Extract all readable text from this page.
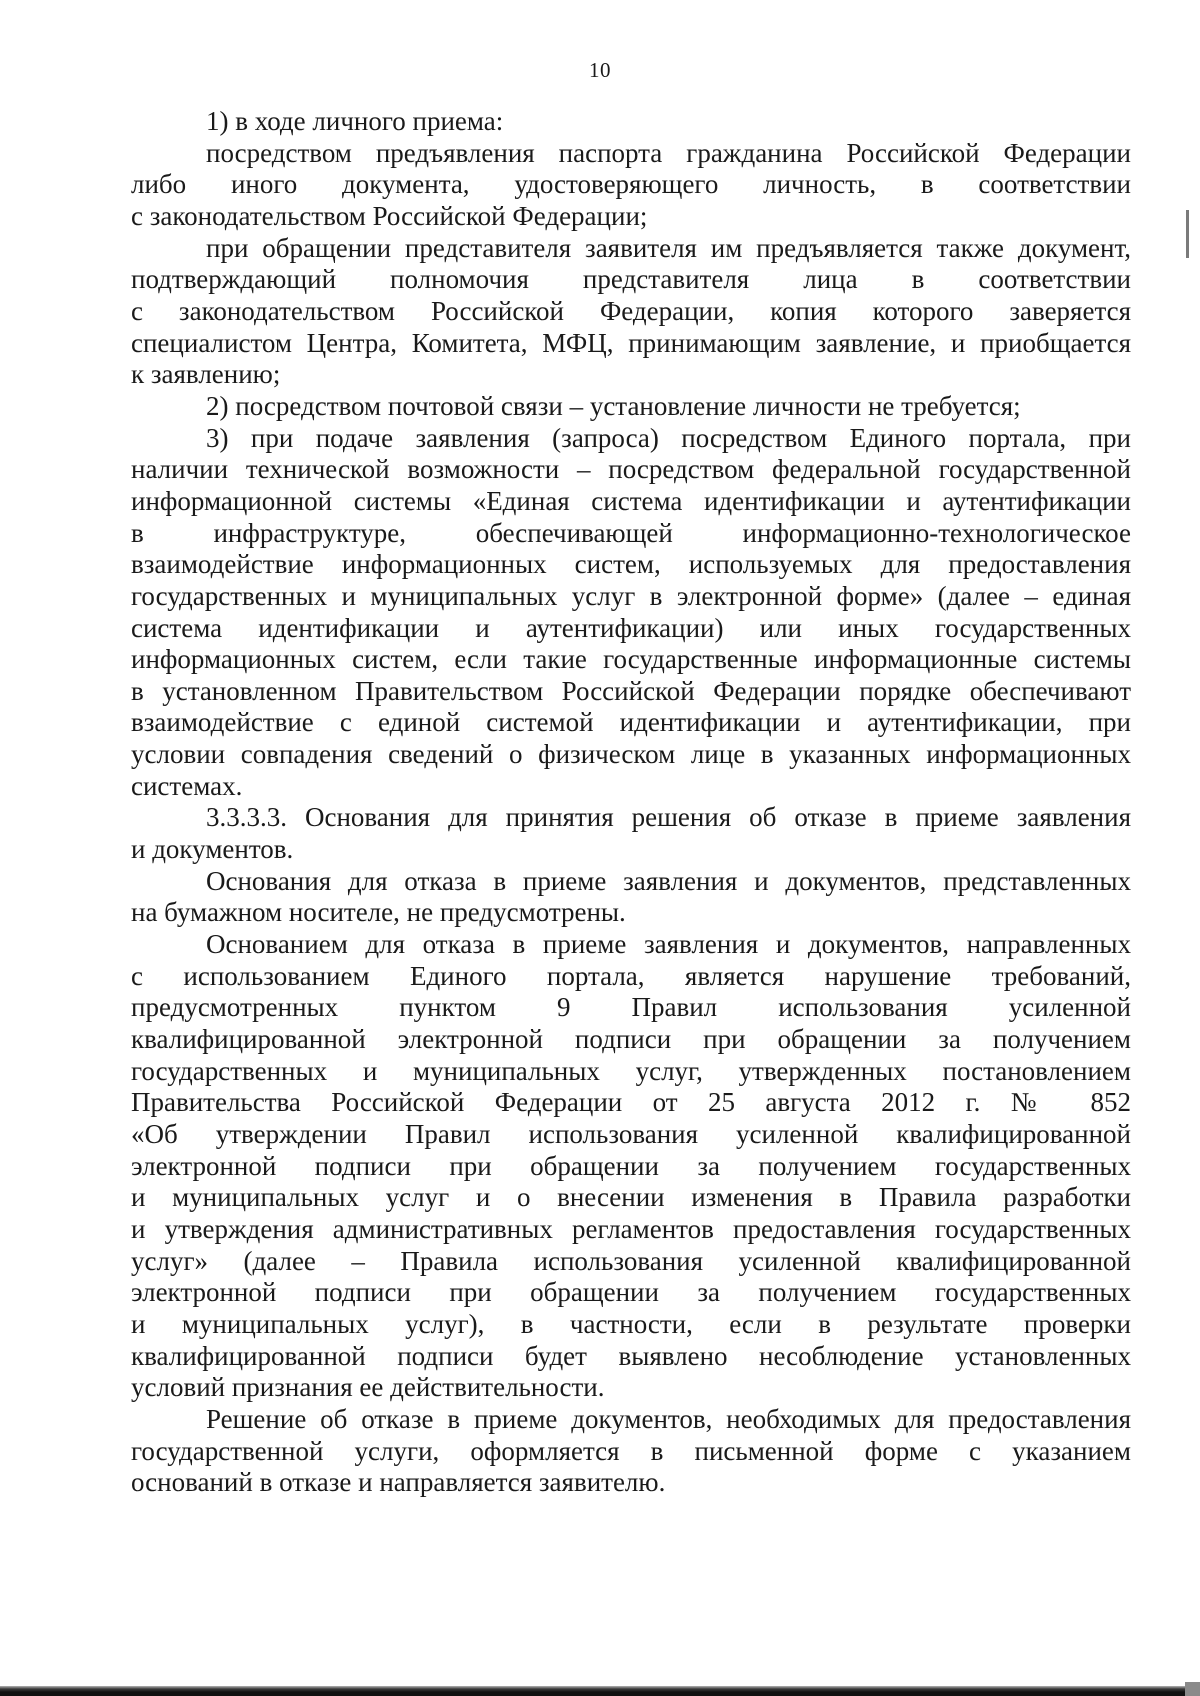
10
1) в ходе личного приема:
посредством предъявления паспорта гражданина Российской Федерации
либо иного документа, удостоверяющего личность, в соответствии
с законодательством Российской Федерации;
при обращении представителя заявителя им предъявляется также документ,
подтверждающий полномочия представителя лица в соответствии
с законодательством Российской Федерации, копия которого заверяется
специалистом Центра, Комитета, МФЦ, принимающим заявление, и приобщается
к заявлению;
2) посредством почтовой связи – установление личности не требуется;
3) при подаче заявления (запроса) посредством Единого портала, при
наличии технической возможности – посредством федеральной государственной
информационной системы «Единая система идентификации и аутентификации
в инфраструктуре, обеспечивающей информационно-технологическое
взаимодействие информационных систем, используемых для предоставления
государственных и муниципальных услуг в электронной форме» (далее – единая
система идентификации и аутентификации) или иных государственных
информационных систем, если такие государственные информационные системы
в установленном Правительством Российской Федерации порядке обеспечивают
взаимодействие с единой системой идентификации и аутентификации, при
условии совпадения сведений о физическом лице в указанных информационных
системах.
3.3.3.3. Основания для принятия решения об отказе в приеме заявления
и документов.
Основания для отказа в приеме заявления и документов, представленных
на бумажном носителе, не предусмотрены.
Основанием для отказа в приеме заявления и документов, направленных
с использованием Единого портала, является нарушение требований,
предусмотренных пунктом 9 Правил использования усиленной
квалифицированной электронной подписи при обращении за получением
государственных и муниципальных услуг, утвержденных постановлением
Правительства Российской Федерации от 25 августа 2012 г. № 852
«Об утверждении Правил использования усиленной квалифицированной
электронной подписи при обращении за получением государственных
и муниципальных услуг и о внесении изменения в Правила разработки
и утверждения административных регламентов предоставления государственных
услуг» (далее – Правила использования усиленной квалифицированной
электронной подписи при обращении за получением государственных
и муниципальных услуг), в частности, если в результате проверки
квалифицированной подписи будет выявлено несоблюдение установленных
условий признания ее действительности.
Решение об отказе в приеме документов, необходимых для предоставления
государственной услуги, оформляется в письменной форме с указанием
оснований в отказе и направляется заявителю.
